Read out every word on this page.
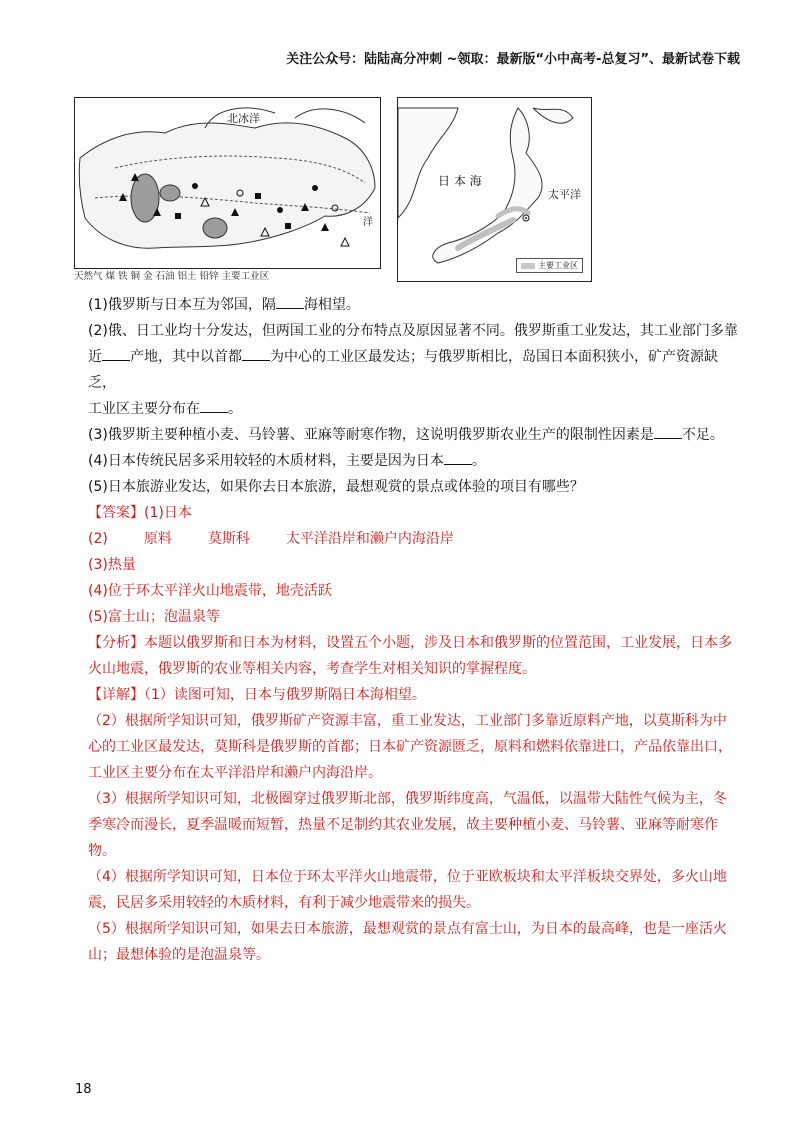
关注公众号：陆陆高分冲刺 ~领取：最新版“小中高考-总复习”、最新试卷下载
北冰洋
洋
天然气 煤 铁 铜 金 石油 铝土 铅锌 主要工业区
日 本 海
太平洋
主要工业区

(1)俄罗斯与日本互为邻国，隔 海相望。

(2)俄、日工业均十分发达，但两国工业的分布特点及原因显著不同。俄罗斯重工业发达，其工业部门多靠
近 产地，其中以首都 为中心的工业区最发达；与俄罗斯相比，岛国日本面积狭小，矿产资源缺乏，
工业区主要分布在 。

(3)俄罗斯主要种植小麦、马铃薯、亚麻等耐寒作物，这说明俄罗斯农业生产的限制性因素是 不足。

(4)日本传统民居多采用较轻的木质材料，主要是因为日本 。

(5)日本旅游业发达，如果你去日本旅游，最想观赏的景点或体验的项目有哪些？

【答案】(1)日本

(2)	原料	莫斯科	太平洋沿岸和濑户内海沿岸

(3)热量

(4)位于环太平洋火山地震带，地壳活跃

(5)富士山；泡温泉等

【分析】本题以俄罗斯和日本为材料，设置五个小题，涉及日本和俄罗斯的位置范围，工业发展，日本多

火山地震，俄罗斯的农业等相关内容，考查学生对相关知识的掌握程度。

【详解】（1）读图可知，日本与俄罗斯隔日本海相望。

（2）根据所学知识可知，俄罗斯矿产资源丰富，重工业发达，工业部门多靠近原料产地，以莫斯科为中

心的工业区最发达，莫斯科是俄罗斯的首都；日本矿产资源匮乏，原料和燃料依靠进口，产品依靠出口，

工业区主要分布在太平洋沿岸和濑户内海沿岸。

（3）根据所学知识可知，北极圈穿过俄罗斯北部，俄罗斯纬度高，气温低，以温带大陆性气候为主，冬

季寒冷而漫长，夏季温暖而短暂，热量不足制约其农业发展，故主要种植小麦、马铃薯、亚麻等耐寒作物。

（4）根据所学知识可知，日本位于环太平洋火山地震带，位于亚欧板块和太平洋板块交界处，多火山地

震，民居多采用较轻的木质材料，有利于减少地震带来的损失。

（5）根据所学知识可知，如果去日本旅游，最想观赏的景点有富士山，为日本的最高峰，也是一座活火

山；最想体验的是泡温泉等。

18
